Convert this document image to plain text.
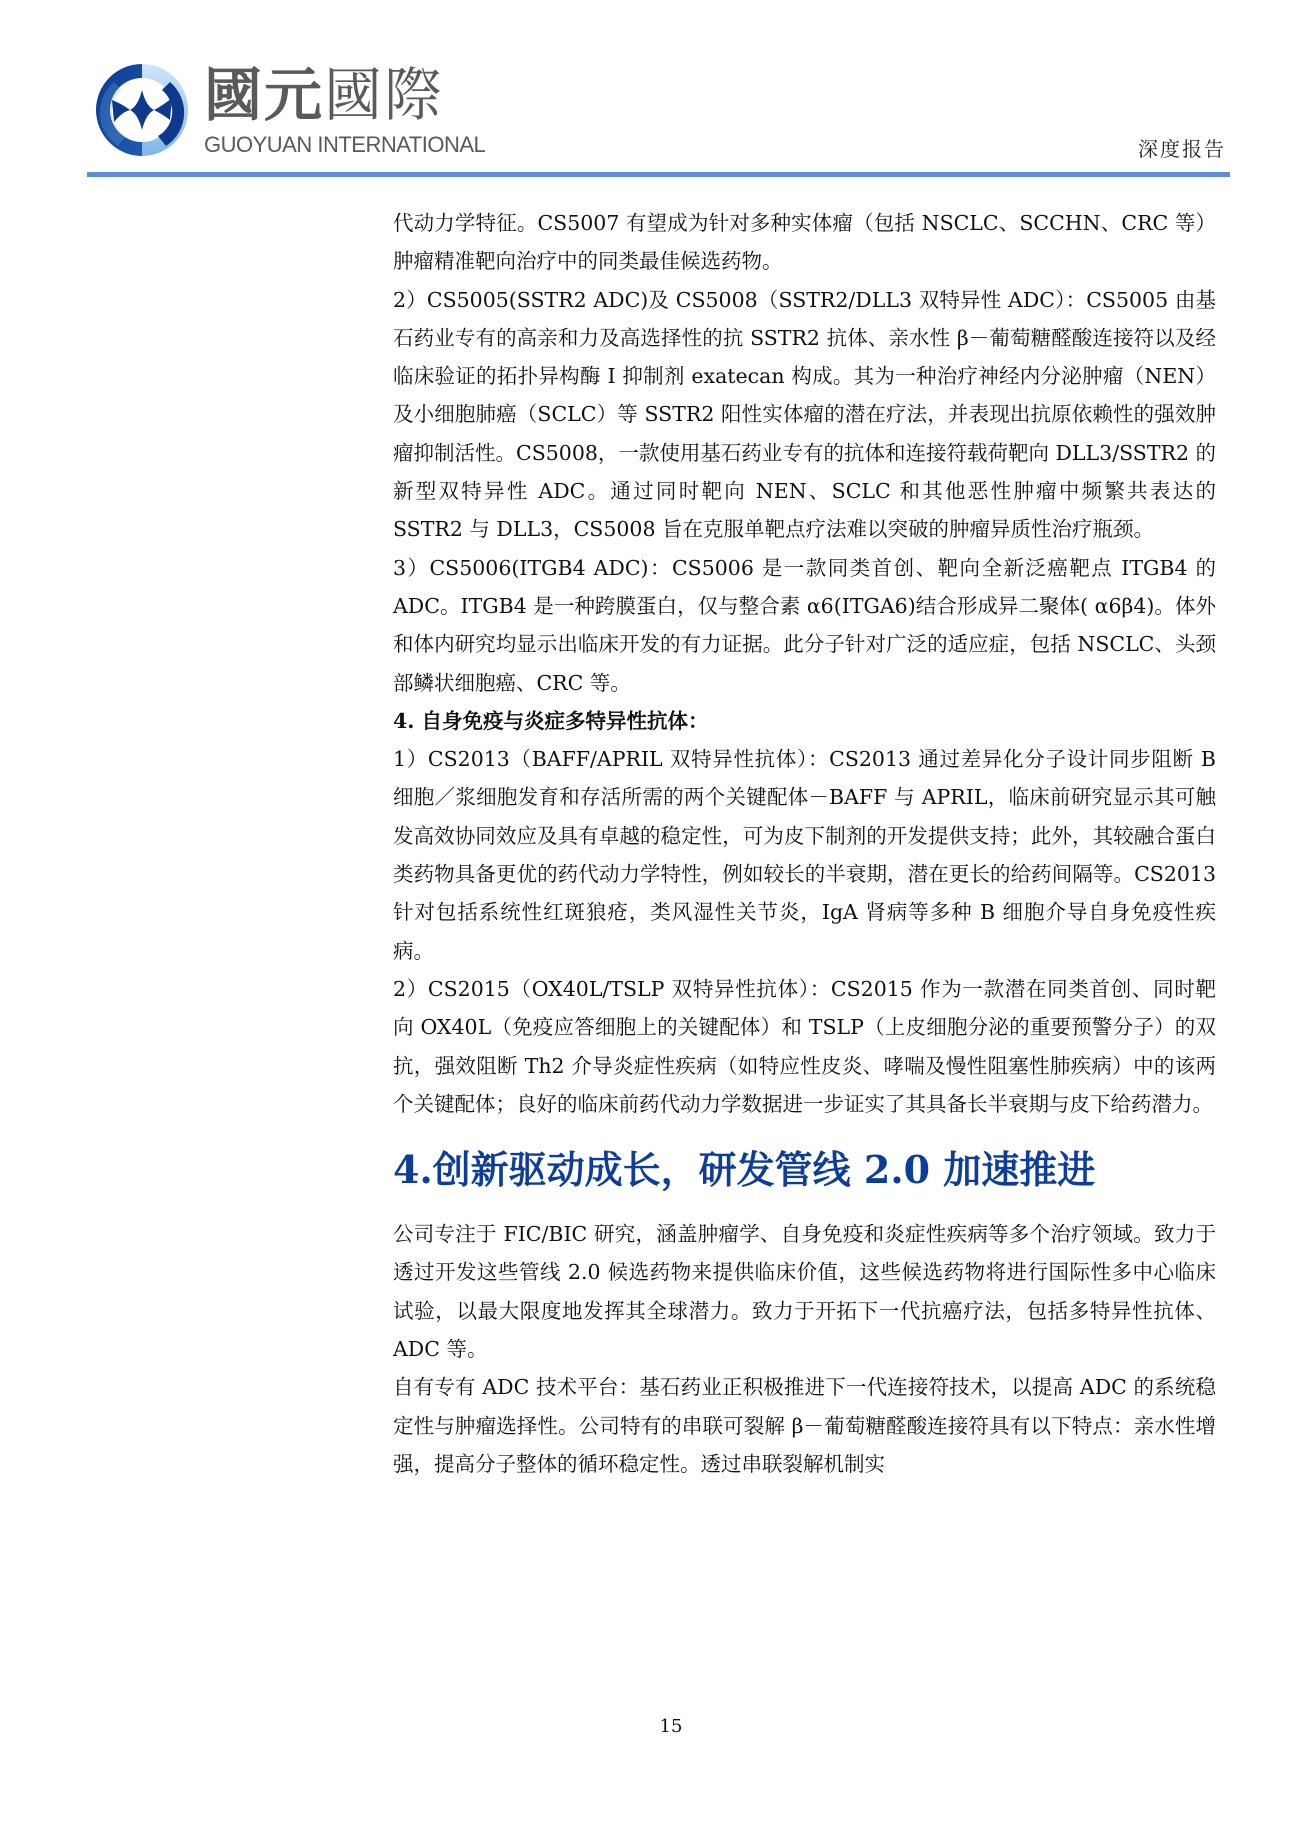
國元國際
GUOYUAN INTERNATIONAL	深度报告

代动力学特征。CS5007 有望成为针对多种实体瘤（包括 NSCLC、SCCHN、CRC 等）肿瘤精准靶向治疗中的同类最佳候选药物。

2）CS5005(SSTR2 ADC)及 CS5008（SSTR2/DLL3 双特异性 ADC）：CS5005 由基石药业专有的高亲和力及高选择性的抗 SSTR2 抗体、亲水性 β－葡萄糖醛酸连接符以及经临床验证的拓扑异构酶 I 抑制剂 exatecan 构成。其为一种治疗神经内分泌肿瘤（NEN）及小细胞肺癌（SCLC）等 SSTR2 阳性实体瘤的潜在疗法，并表现出抗原依赖性的强效肿瘤抑制活性。CS5008，一款使用基石药业专有的抗体和连接符载荷靶向 DLL3/SSTR2 的新型双特异性 ADC。通过同时靶向 NEN、SCLC 和其他恶性肿瘤中频繁共表达的 SSTR2 与 DLL3，CS5008 旨在克服单靶点疗法难以突破的肿瘤异质性治疗瓶颈。

3）CS5006(ITGB4 ADC)：CS5006 是一款同类首创、靶向全新泛癌靶点 ITGB4 的 ADC。ITGB4 是一种跨膜蛋白，仅与整合素 α6(ITGA6)结合形成异二聚体( α6β4)。体外和体内研究均显示出临床开发的有力证据。此分子针对广泛的适应症，包括 NSCLC、头颈部鳞状细胞癌、CRC 等。

4. 自身免疫与炎症多特异性抗体：

1）CS2013（BAFF/APRIL 双特异性抗体）：CS2013 通过差异化分子设计同步阻断 B 细胞／浆细胞发育和存活所需的两个关键配体－BAFF 与 APRIL，临床前研究显示其可触发高效协同效应及具有卓越的稳定性，可为皮下制剂的开发提供支持；此外，其较融合蛋白类药物具备更优的药代动力学特性，例如较长的半衰期，潜在更长的给药间隔等。CS2013 针对包括系统性红斑狼疮，类风湿性关节炎，IgA 肾病等多种 B 细胞介导自身免疫性疾病。

2）CS2015（OX40L/TSLP 双特异性抗体）：CS2015 作为一款潜在同类首创、同时靶向 OX40L（免疫应答细胞上的关键配体）和 TSLP（上皮细胞分泌的重要预警分子）的双抗，强效阻断 Th2 介导炎症性疾病（如特应性皮炎、哮喘及慢性阻塞性肺疾病）中的该两个关键配体；良好的临床前药代动力学数据进一步证实了其具备长半衰期与皮下给药潜力。

4.创新驱动成长，研发管线 2.0 加速推进

公司专注于 FIC/BIC 研究，涵盖肿瘤学、自身免疫和炎症性疾病等多个治疗领域。致力于透过开发这些管线 2.0 候选药物来提供临床价值，这些候选药物将进行国际性多中心临床试验，以最大限度地发挥其全球潜力。致力于开拓下一代抗癌疗法，包括多特异性抗体、ADC 等。

自有专有 ADC 技术平台：基石药业正积极推进下一代连接符技术，以提高 ADC 的系统稳定性与肿瘤选择性。公司特有的串联可裂解 β－葡萄糖醛酸连接符具有以下特点：亲水性增强，提高分子整体的循环稳定性。透过串联裂解机制实

15
